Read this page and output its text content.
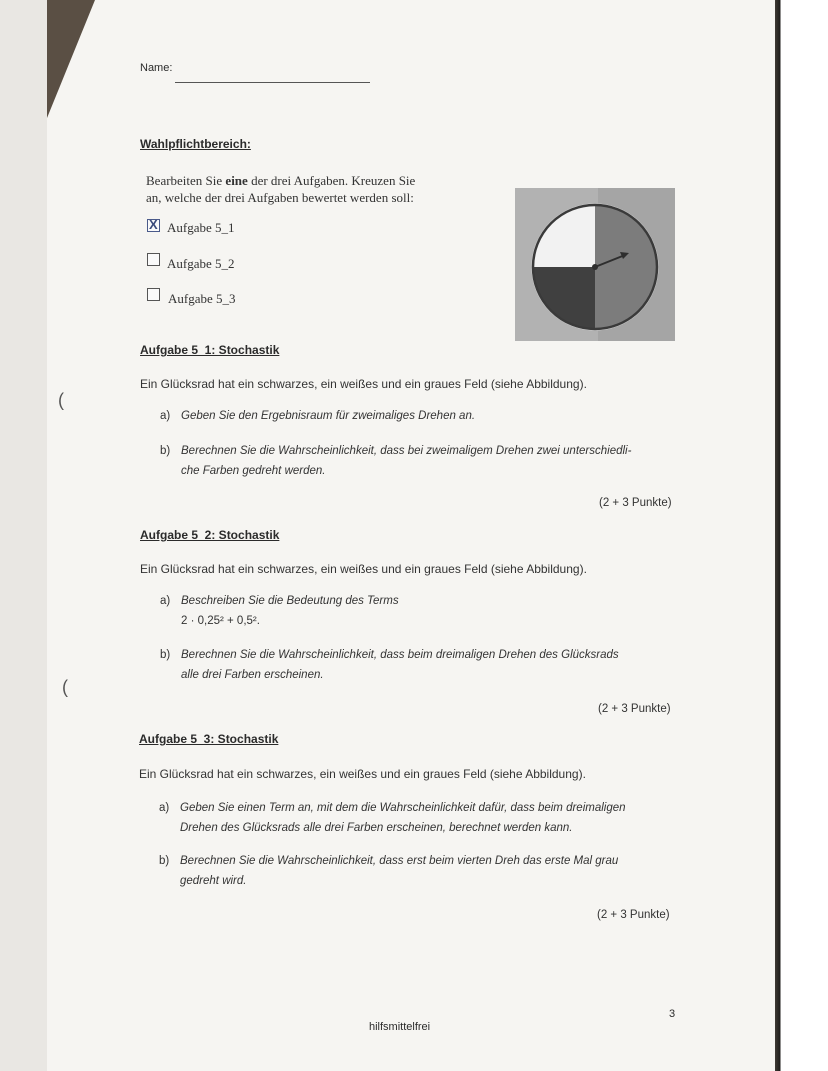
Name:
Wahlpflichtbereich:
Bearbeiten Sie eine der drei Aufgaben. Kreuzen Sie
an, welche der drei Aufgaben bewertet werden soll:
X Aufgabe 5_1
Aufgabe 5_2
Aufgabe 5_3
Aufgabe 5_1: Stochastik
Ein Glücksrad hat ein schwarzes, ein weißes und ein graues Feld (siehe Abbildung).
a) Geben Sie den Ergebnisraum für zweimaliges Drehen an.
b) Berechnen Sie die Wahrscheinlichkeit, dass bei zweimaligem Drehen zwei unterschiedli-
che Farben gedreht werden.
(2 + 3 Punkte)
Aufgabe 5_2: Stochastik
Ein Glücksrad hat ein schwarzes, ein weißes und ein graues Feld (siehe Abbildung).
a) Beschreiben Sie die Bedeutung des Terms
2 · 0,25² + 0,5².
b) Berechnen Sie die Wahrscheinlichkeit, dass beim dreimaligen Drehen des Glücksrads
alle drei Farben erscheinen.
(2 + 3 Punkte)
Aufgabe 5_3: Stochastik
Ein Glücksrad hat ein schwarzes, ein weißes und ein graues Feld (siehe Abbildung).
a) Geben Sie einen Term an, mit dem die Wahrscheinlichkeit dafür, dass beim dreimaligen
Drehen des Glücksrads alle drei Farben erscheinen, berechnet werden kann.
b) Berechnen Sie die Wahrscheinlichkeit, dass erst beim vierten Dreh das erste Mal grau
gedreht wird.
(2 + 3 Punkte)
(
(
3
hilfsmittelfrei
